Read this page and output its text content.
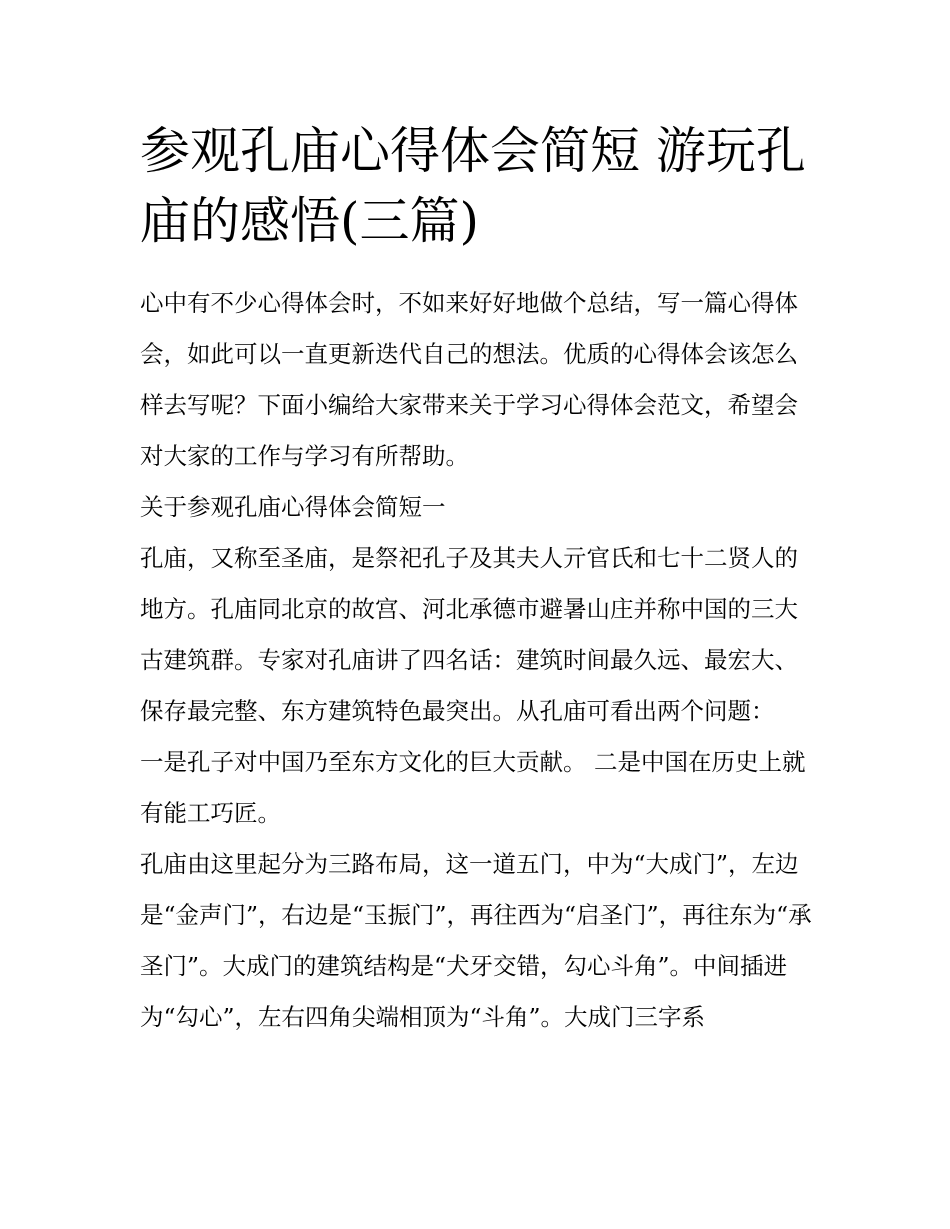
参观孔庙心得体会简短 游玩孔庙的感悟(三篇)

心中有不少心得体会时，不如来好好地做个总结，写一篇心得体会，如此可以一直更新迭代自己的想法。优质的心得体会该怎么样去写呢？下面小编给大家带来关于学习心得体会范文，希望会对大家的工作与学习有所帮助。

关于参观孔庙心得体会简短一

孔庙，又称至圣庙，是祭祀孔子及其夫人亓官氏和七十二贤人的地方。孔庙同北京的故宫、河北承德市避暑山庄并称中国的三大古建筑群。专家对孔庙讲了四名话：建筑时间最久远、最宏大、保存最完整、东方建筑特色最突出。从孔庙可看出两个问题：

一是孔子对中国乃至东方文化的巨大贡献。 二是中国在历史上就有能工巧匠。

孔庙由这里起分为三路布局，这一道五门，中为“大成门”，左边是“金声门”，右边是“玉振门”，再往西为“启圣门”，再往东为“承圣门”。大成门的建筑结构是“犬牙交错，勾心斗角”。中间插进为“勾心”，左右四角尖端相顶为“斗角”。大成门三字系
